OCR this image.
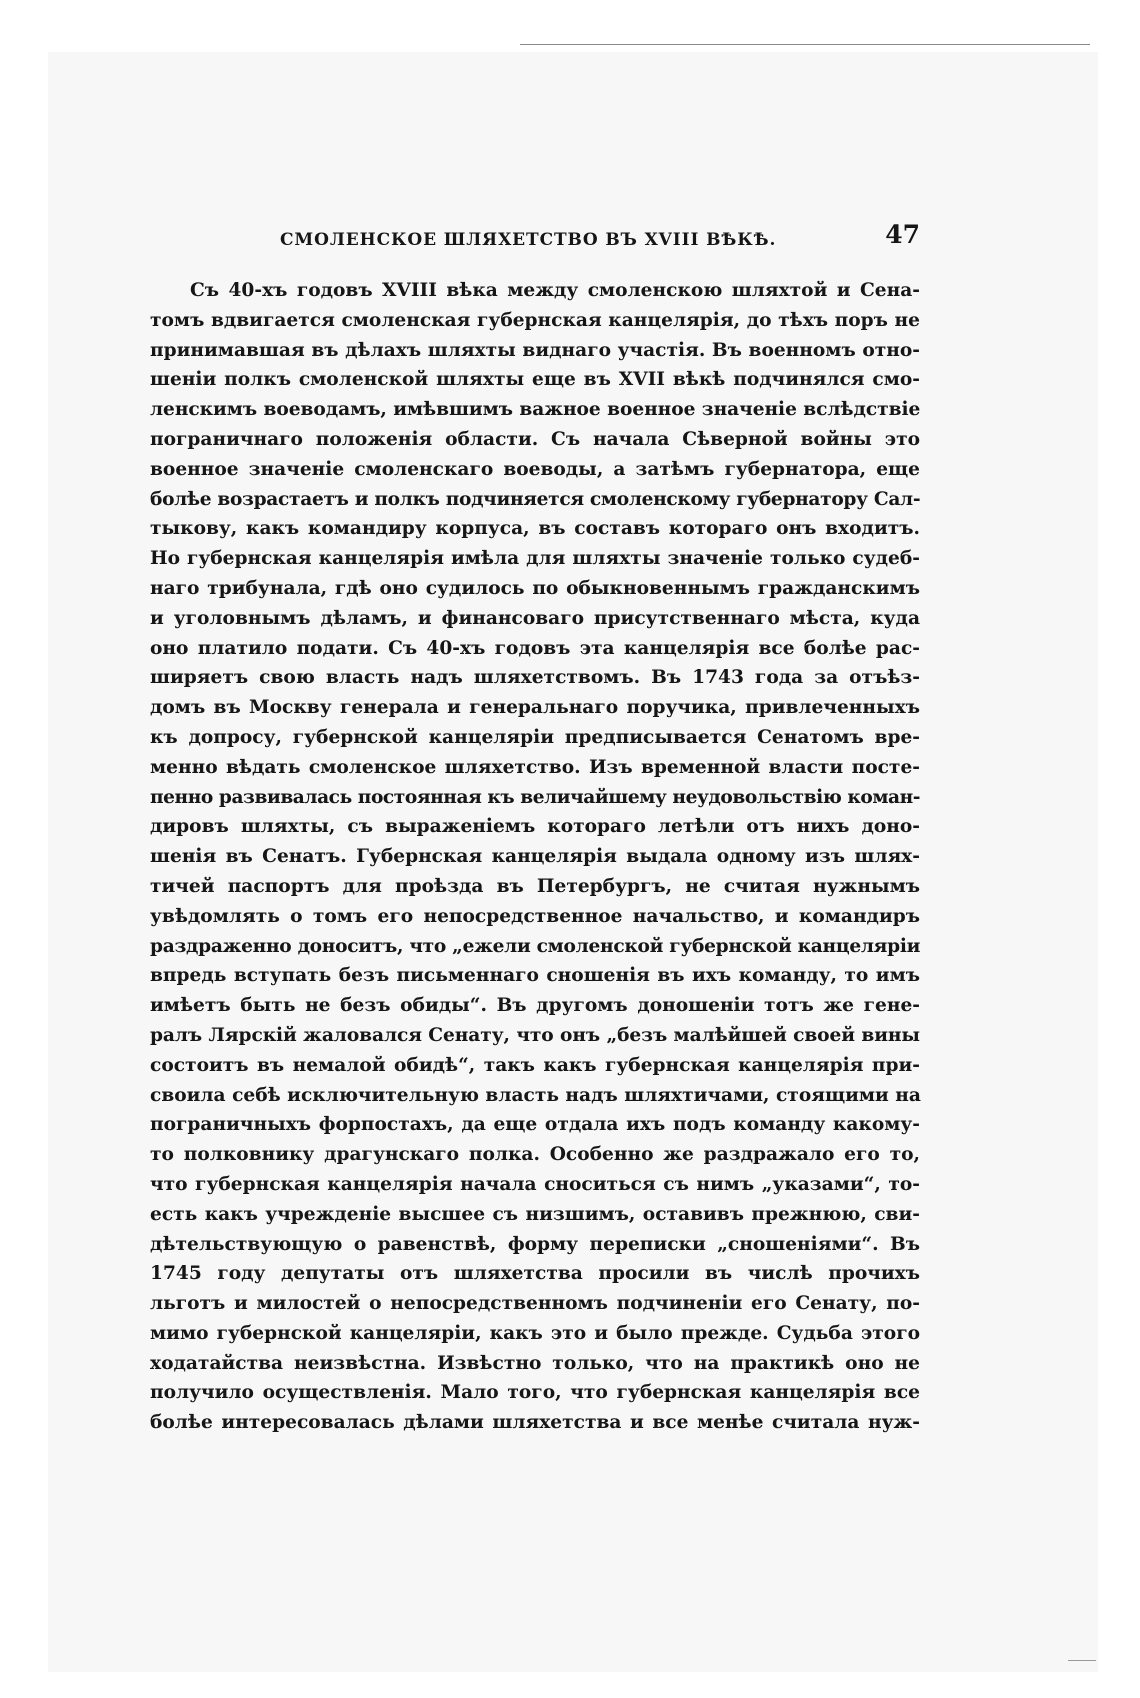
СМОЛЕНСКОЕ ШЛЯХЕТСТВО ВЪ XVIII ВѢКѢ.	47
Съ 40-хъ годовъ XVIII вѣка между смоленскою шляхтой и Сена-
томъ вдвигается смоленская губернская канцелярія, до тѣхъ поръ не
принимавшая въ дѣлахъ шляхты виднаго участія. Въ военномъ отно-
шеніи полкъ смоленской шляхты еще въ XVII вѣкѣ подчинялся смо-
ленскимъ воеводамъ, имѣвшимъ важное военное значеніе вслѣдствіе
пограничнаго положенія области. Съ начала Сѣверной войны это
военное значеніе смоленскаго воеводы, а затѣмъ губернатора, еще
болѣе возрастаетъ и полкъ подчиняется смоленскому губернатору Сал-
тыкову, какъ командиру корпуса, въ составъ котораго онъ входитъ.
Но губернская канцелярія имѣла для шляхты значеніе только судеб-
наго трибунала, гдѣ оно судилось по обыкновеннымъ гражданскимъ
и уголовнымъ дѣламъ, и финансоваго присутственнаго мѣста, куда
оно платило подати. Съ 40-хъ годовъ эта канцелярія все болѣе рас-
ширяетъ свою власть надъ шляхетствомъ. Въ 1743 года за отъѣз-
домъ въ Москву генерала и генеральнаго поручика, привлеченныхъ
къ допросу, губернской канцеляріи предписывается Сенатомъ вре-
менно вѣдать смоленское шляхетство. Изъ временной власти посте-
пенно развивалась постоянная къ величайшему неудовольствію коман-
дировъ шляхты, съ выраженіемъ котораго летѣли отъ нихъ доно-
шенія въ Сенатъ. Губернская канцелярія выдала одному изъ шлях-
тичей паспортъ для проѣзда въ Петербургъ, не считая нужнымъ
увѣдомлять о томъ его непосредственное начальство, и командиръ
раздраженно доноситъ, что „ежели смоленской губернской канцеляріи
впредь вступать безъ письменнаго сношенія въ ихъ команду, то имъ
имѣетъ быть не безъ обиды“. Въ другомъ доношеніи тотъ же гене-
ралъ Лярскій жаловался Сенату, что онъ „безъ малѣйшей своей вины
состоитъ въ немалой обидѣ“, такъ какъ губернская канцелярія при-
своила себѣ исключительную власть надъ шляхтичами, стоящими на
пограничныхъ форпостахъ, да еще отдала ихъ подъ команду какому-
то полковнику драгунскаго полка. Особенно же раздражало его то,
что губернская канцелярія начала сноситься съ нимъ „указами“, то-
есть какъ учрежденіе высшее съ низшимъ, оставивъ прежнюю, сви-
дѣтельствующую о равенствѣ, форму переписки „сношеніями“. Въ
1745 году депутаты отъ шляхетства просили въ числѣ прочихъ
льготъ и милостей о непосредственномъ подчиненіи его Сенату, по-
мимо губернской канцеляріи, какъ это и было прежде. Судьба этого
ходатайства неизвѣстна. Извѣстно только, что на практикѣ оно не
получило осуществленія. Мало того, что губернская канцелярія все
болѣе интересовалась дѣлами шляхетства и все менѣе считала нуж-
